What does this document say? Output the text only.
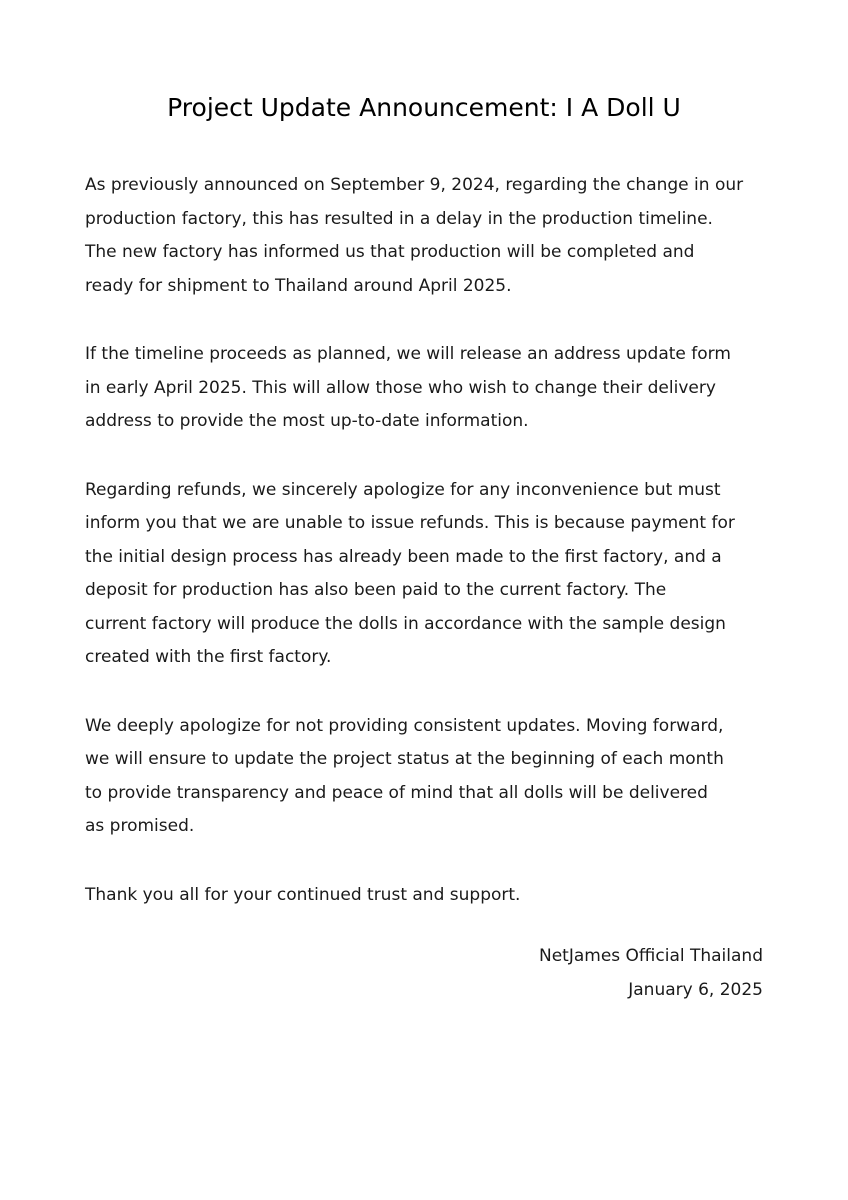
Project Update Announcement: I A Doll U

As previously announced on September 9, 2024, regarding the change in our
production factory, this has resulted in a delay in the production timeline.
The new factory has informed us that production will be completed and
ready for shipment to Thailand around April 2025.

If the timeline proceeds as planned, we will release an address update form
in early April 2025. This will allow those who wish to change their delivery
address to provide the most up-to-date information.

Regarding refunds, we sincerely apologize for any inconvenience but must
inform you that we are unable to issue refunds. This is because payment for
the initial design process has already been made to the first factory, and a
deposit for production has also been paid to the current factory. The
current factory will produce the dolls in accordance with the sample design
created with the first factory.

We deeply apologize for not providing consistent updates. Moving forward,
we will ensure to update the project status at the beginning of each month
to provide transparency and peace of mind that all dolls will be delivered
as promised.

Thank you all for your continued trust and support.

NetJames Official Thailand
January 6, 2025
